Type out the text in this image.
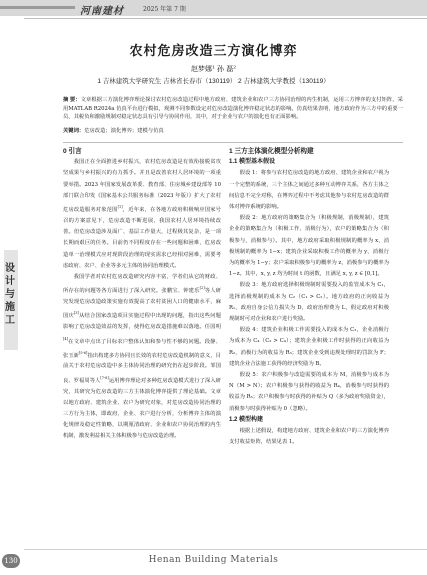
河南建材	2025 年第 7 期
设
计
与
施
工
130
农村危房改造三方演化博弈
赵梦娜¹ 孙 磊²
1 吉林建筑大学研究生 吉林省长春市（130119） 2 吉林建筑大学教授（130119）
摘 要：文章根据三方演化博弈理论探讨农村危房改造过程中地方政府、建筑企业和农户三方协同治理的内生机制，运用三方博弈的支付矩阵，采用MATLAB R2024a 仿真平台进行模拟，观测不同参数设定对危房改造演化博弈稳定状态的影响。仿真结果表明，地方政府作为三方中的重要一员，其税负和激励规制对稳定状态具有引导与协同作用，其中，对于企业与农户的演化也有正面影响。
关键词：危房改造；演化博弈；建模与仿真
0 引言
我国正在全面推进乡村振兴，农村危房改造是有效衔接脱贫攻坚成果与乡村振兴的有力抓手。并且是改善农村人居环境的一项重要举措。2023 年国家发展改革委、教育部、住房城乡建设部等 10 部门联合印发《国家基本公共服务标准（2023 年版）》扩大了农村危房改造服务对象范围[1]，近年来，在各地方政府积极响应国家号召的方案意见下，危房改造不断进展，我国农村人居环境持续改善。但危房改造涉及面广、基层工作量大，过程极其复杂，是一项长期而艰巨的任务。目前仍不同程度存在一些问题和困难，危房改造单一治理模式应对现阶段治理的现实需求已经相对困难，需要考虑政府、农户、企业等多元主体的协同治理模式。
我国学者对农村危房改造研究内容丰富，学者们从它的财政、所存在的问题等各方面进行了深入研究。张鹏宝、钟建乐[2]等人研究发现危房改造政策实施有效提高了农村贫困人口的健康水平，麻国庆[3]从结合国家改造项目实施过程中出现的问题，指出这些问题影响了危房改造效益的发挥，使得危房改造措施难以落地。任国明[4]在文章中点出了目标农户整体认知和参与性不够的问题。段静、张玉新[5-6]指出构建多方协同且长效的农村危房改造机制的意义，目前关于农村危房改造中多主体协同治理的研究仍在起步阶段。邹国良、罗福周等人[7-8]运用博弈理论对多种危房改造模式进行了深入研究，其研究为危房改造的三方主体演化博弈提供了理论基础。文章以地方政府、建筑企业、农户为研究对象，对危房改造协同治理的三方行为主体，即政府、企业、农户进行分析，分析博弈主体的演化规律及稳定性策略，以期厘清政府、企业和农户协同治理的内生机制，激发利益相关主体积极参与危房改造治理。
1 三方主体演化模型分析构建
1.1 模型基本假设
假设 1：将参与农村危房改造的地方政府、建筑企业和农户视为一个完整的系统，三个主体之间通过多种互动博弈关系，各方主体之间信息不完全对称，在博弈过程中不考虑其他参与农村危房改造的群体对博弈系统的影响。
假设 2：地方政府的策略集合为（积极规制，消极规制），建筑企业的策略集合为（积极工作，消极行为），农户的策略集合为（积极参与，消极参与）。其中，地方政府采取积极规制的概率为 x，消极规制的概率为 1−x；建筑企业采取积极工作的概率为 y，消极行为的概率为 1−y；农户采取积极参与的概率为 z，消极参与的概率为 1−z。其中，x, y, z 均为时间 t 的函数，且满足 x, y, z ∈ [0,1]。
假设 3：地方政府选择积极规制时需要投入的监管成本为 C₁，选择消极规制的成本为 C₂（C₁ > C₂）。地方政府的正向收益为 R₁，政府自身公信力损失为 D，政府治理费为 L，假定政府对积极规制时可对企业和农户进行奖励。
假设 4：建筑企业积极工作需要投入的成本为 C₃，企业消极行为成本为 C₄（C₃ > C₄）；建筑企业积极工作时获得的正向收益为 R₂，消极行为的收益为 R₃；建筑企业受到违规处理时的罚款为 F；建筑企业合法施工获得的经济奖励为 B。
假设 5：农户积极参与改造需要的成本为 M，消极参与成本为 N（M > N）；农户积极参与获得的收益为 R₄，消极参与时获得的收益为 R₅；农户积极参与时获得的补贴为 Q（多为政府奖励资金），消极参与时获得补贴为 0（忽略）。
1.2 模型构建
根据上述假设，构建地方政府、建筑企业和农户的三方演化博弈支付收益矩阵，结果见表 1。
Henan Building Materials
